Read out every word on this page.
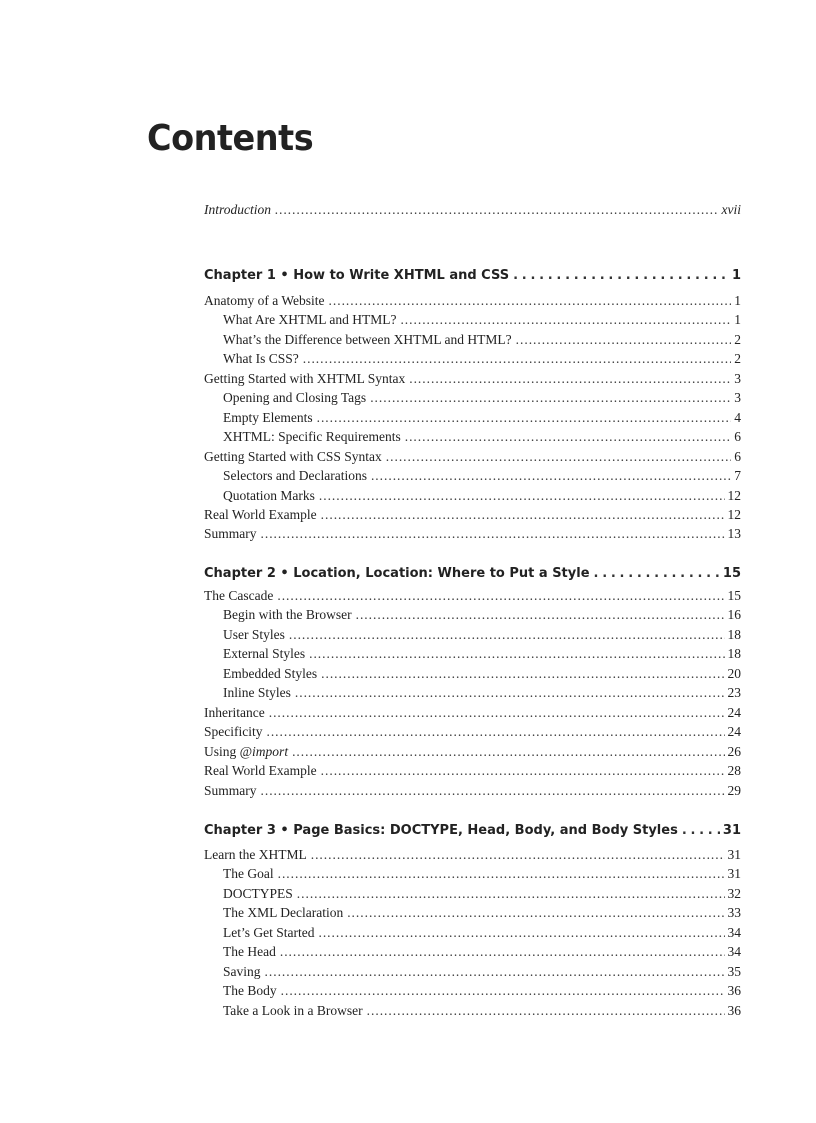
Contents
Introduction . . .	xvii
Chapter 1 • How to Write XHTML and CSS . . .	1
Anatomy of a Website . . .	1
What Are XHTML and HTML? . . .	1
What’s the Difference between XHTML and HTML? . . .	2
What Is CSS? . . .	2
Getting Started with XHTML Syntax . . .	3
Opening and Closing Tags . . .	3
Empty Elements . . .	4
XHTML: Specific Requirements . . .	6
Getting Started with CSS Syntax . . .	6
Selectors and Declarations . . .	7
Quotation Marks . . .	12
Real World Example . . .	12
Summary . . .	13
Chapter 2 • Location, Location: Where to Put a Style . . .	15
The Cascade . . .	15
Begin with the Browser . . .	16
User Styles . . .	18
External Styles . . .	18
Embedded Styles . . .	20
Inline Styles . . .	23
Inheritance . . .	24
Specificity . . .	24
Using @import . . .	26
Real World Example . . .	28
Summary . . .	29
Chapter 3 • Page Basics: DOCTYPE, Head, Body, and Body Styles . . .	31
Learn the XHTML . . .	31
The Goal . . .	31
DOCTYPES . . .	32
The XML Declaration . . .	33
Let’s Get Started . . .	34
The Head . . .	34
Saving . . .	35
The Body . . .	36
Take a Look in a Browser . . .	36
